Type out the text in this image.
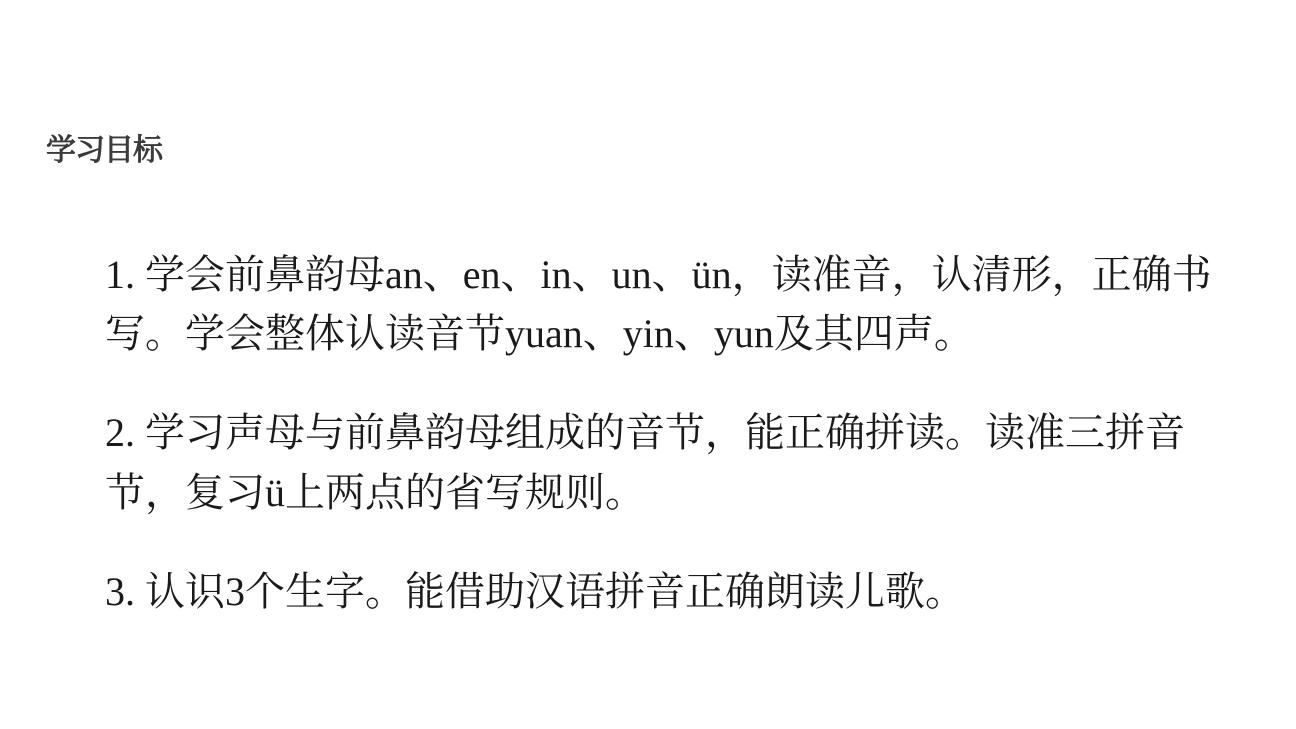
学习目标

1. 学会前鼻韵母an、en、in、un、ün，读准音，认清形，正确书写。学会整体认读音节yuan、yin、yun及其四声。

2. 学习声母与前鼻韵母组成的音节，能正确拼读。读准三拼音节，复习ü上两点的省写规则。

3. 认识3个生字。能借助汉语拼音正确朗读儿歌。
